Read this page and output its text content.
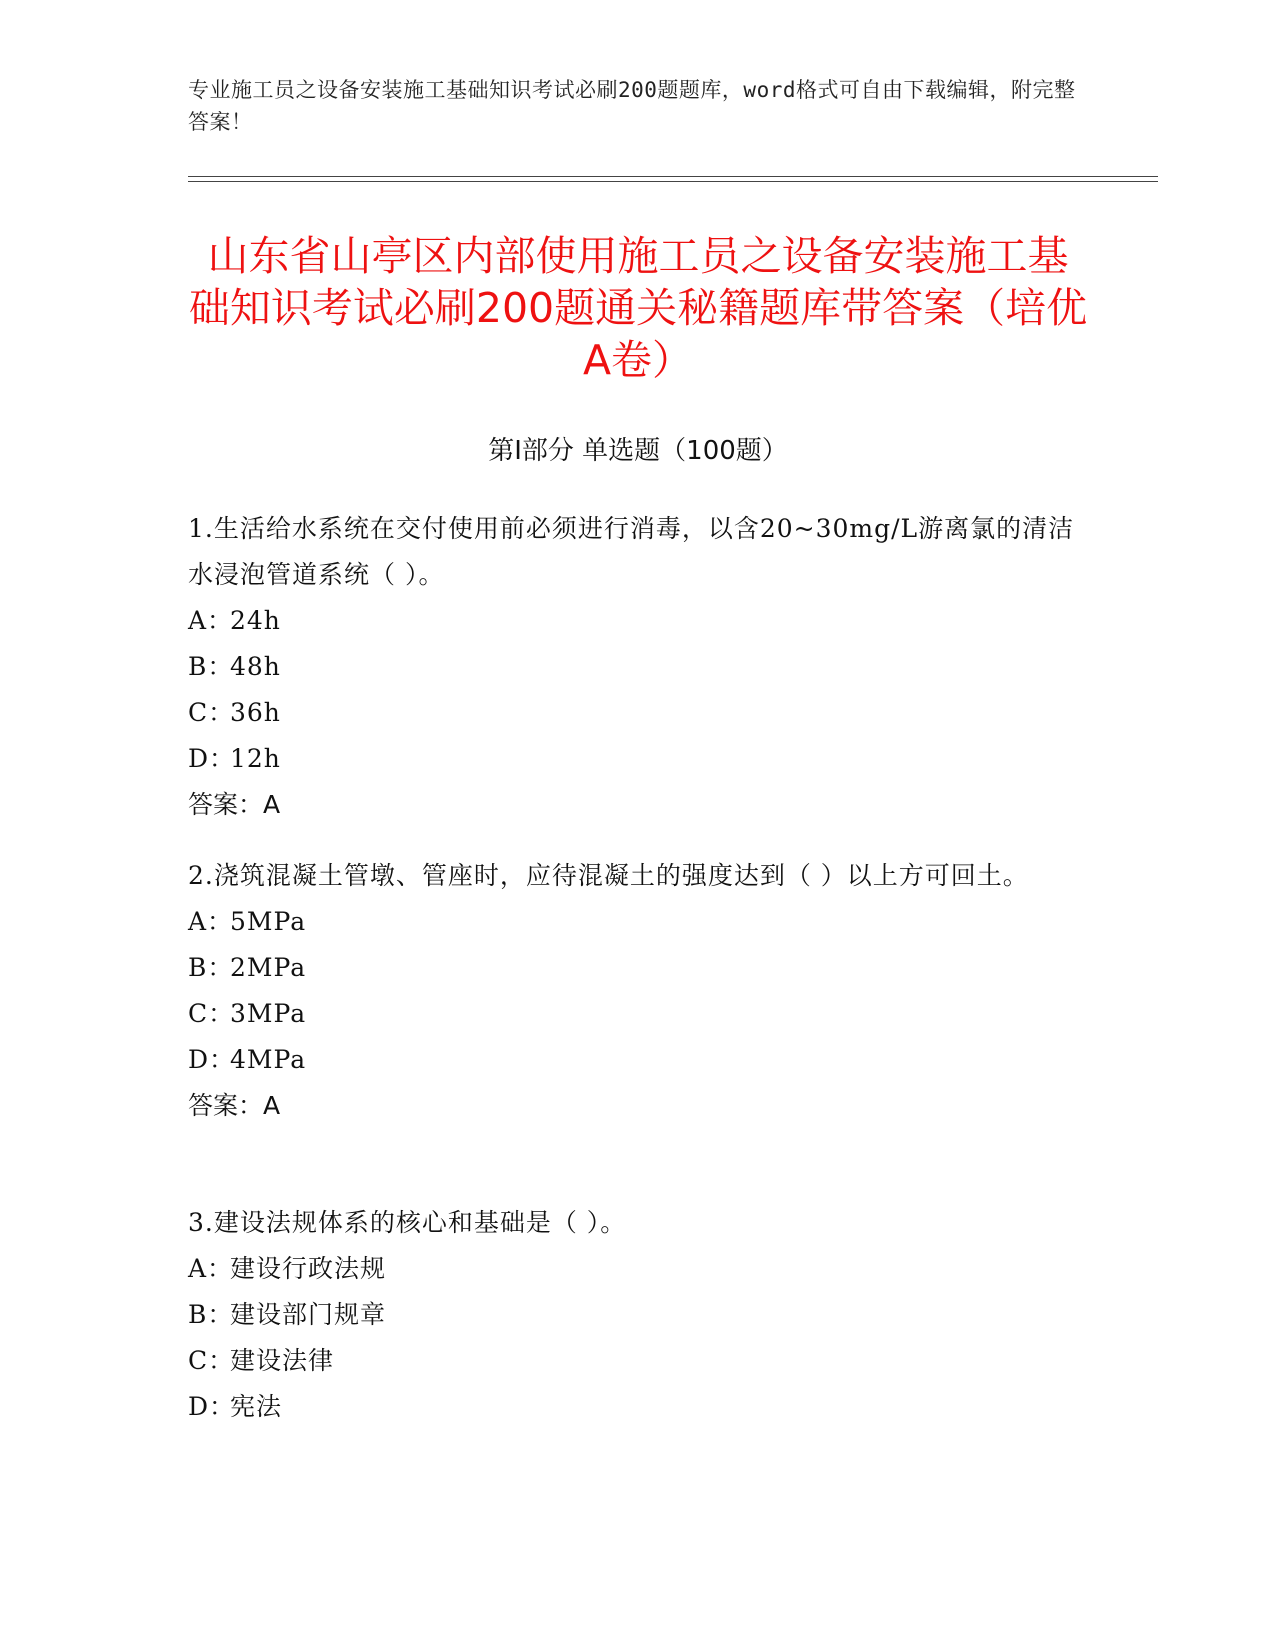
专业施工员之设备安装施工基础知识考试必刷200题题库，word格式可自由下载编辑，附完整答案！
山东省山亭区内部使用施工员之设备安装施工基础知识考试必刷200题通关秘籍题库带答案（培优A卷）
第Ⅰ部分 单选题（100题）
1.生活给水系统在交付使用前必须进行消毒，以含20~30mg/L游离氯的清洁水浸泡管道系统（ ）。
A：24h
B：48h
C：36h
D：12h
答案：A
2.浇筑混凝土管墩、管座时，应待混凝土的强度达到（ ）以上方可回土。
A：5MPa
B：2MPa
C：3MPa
D：4MPa
答案：A
3.建设法规体系的核心和基础是（ ）。
A：建设行政法规
B：建设部门规章
C：建设法律
D：宪法
